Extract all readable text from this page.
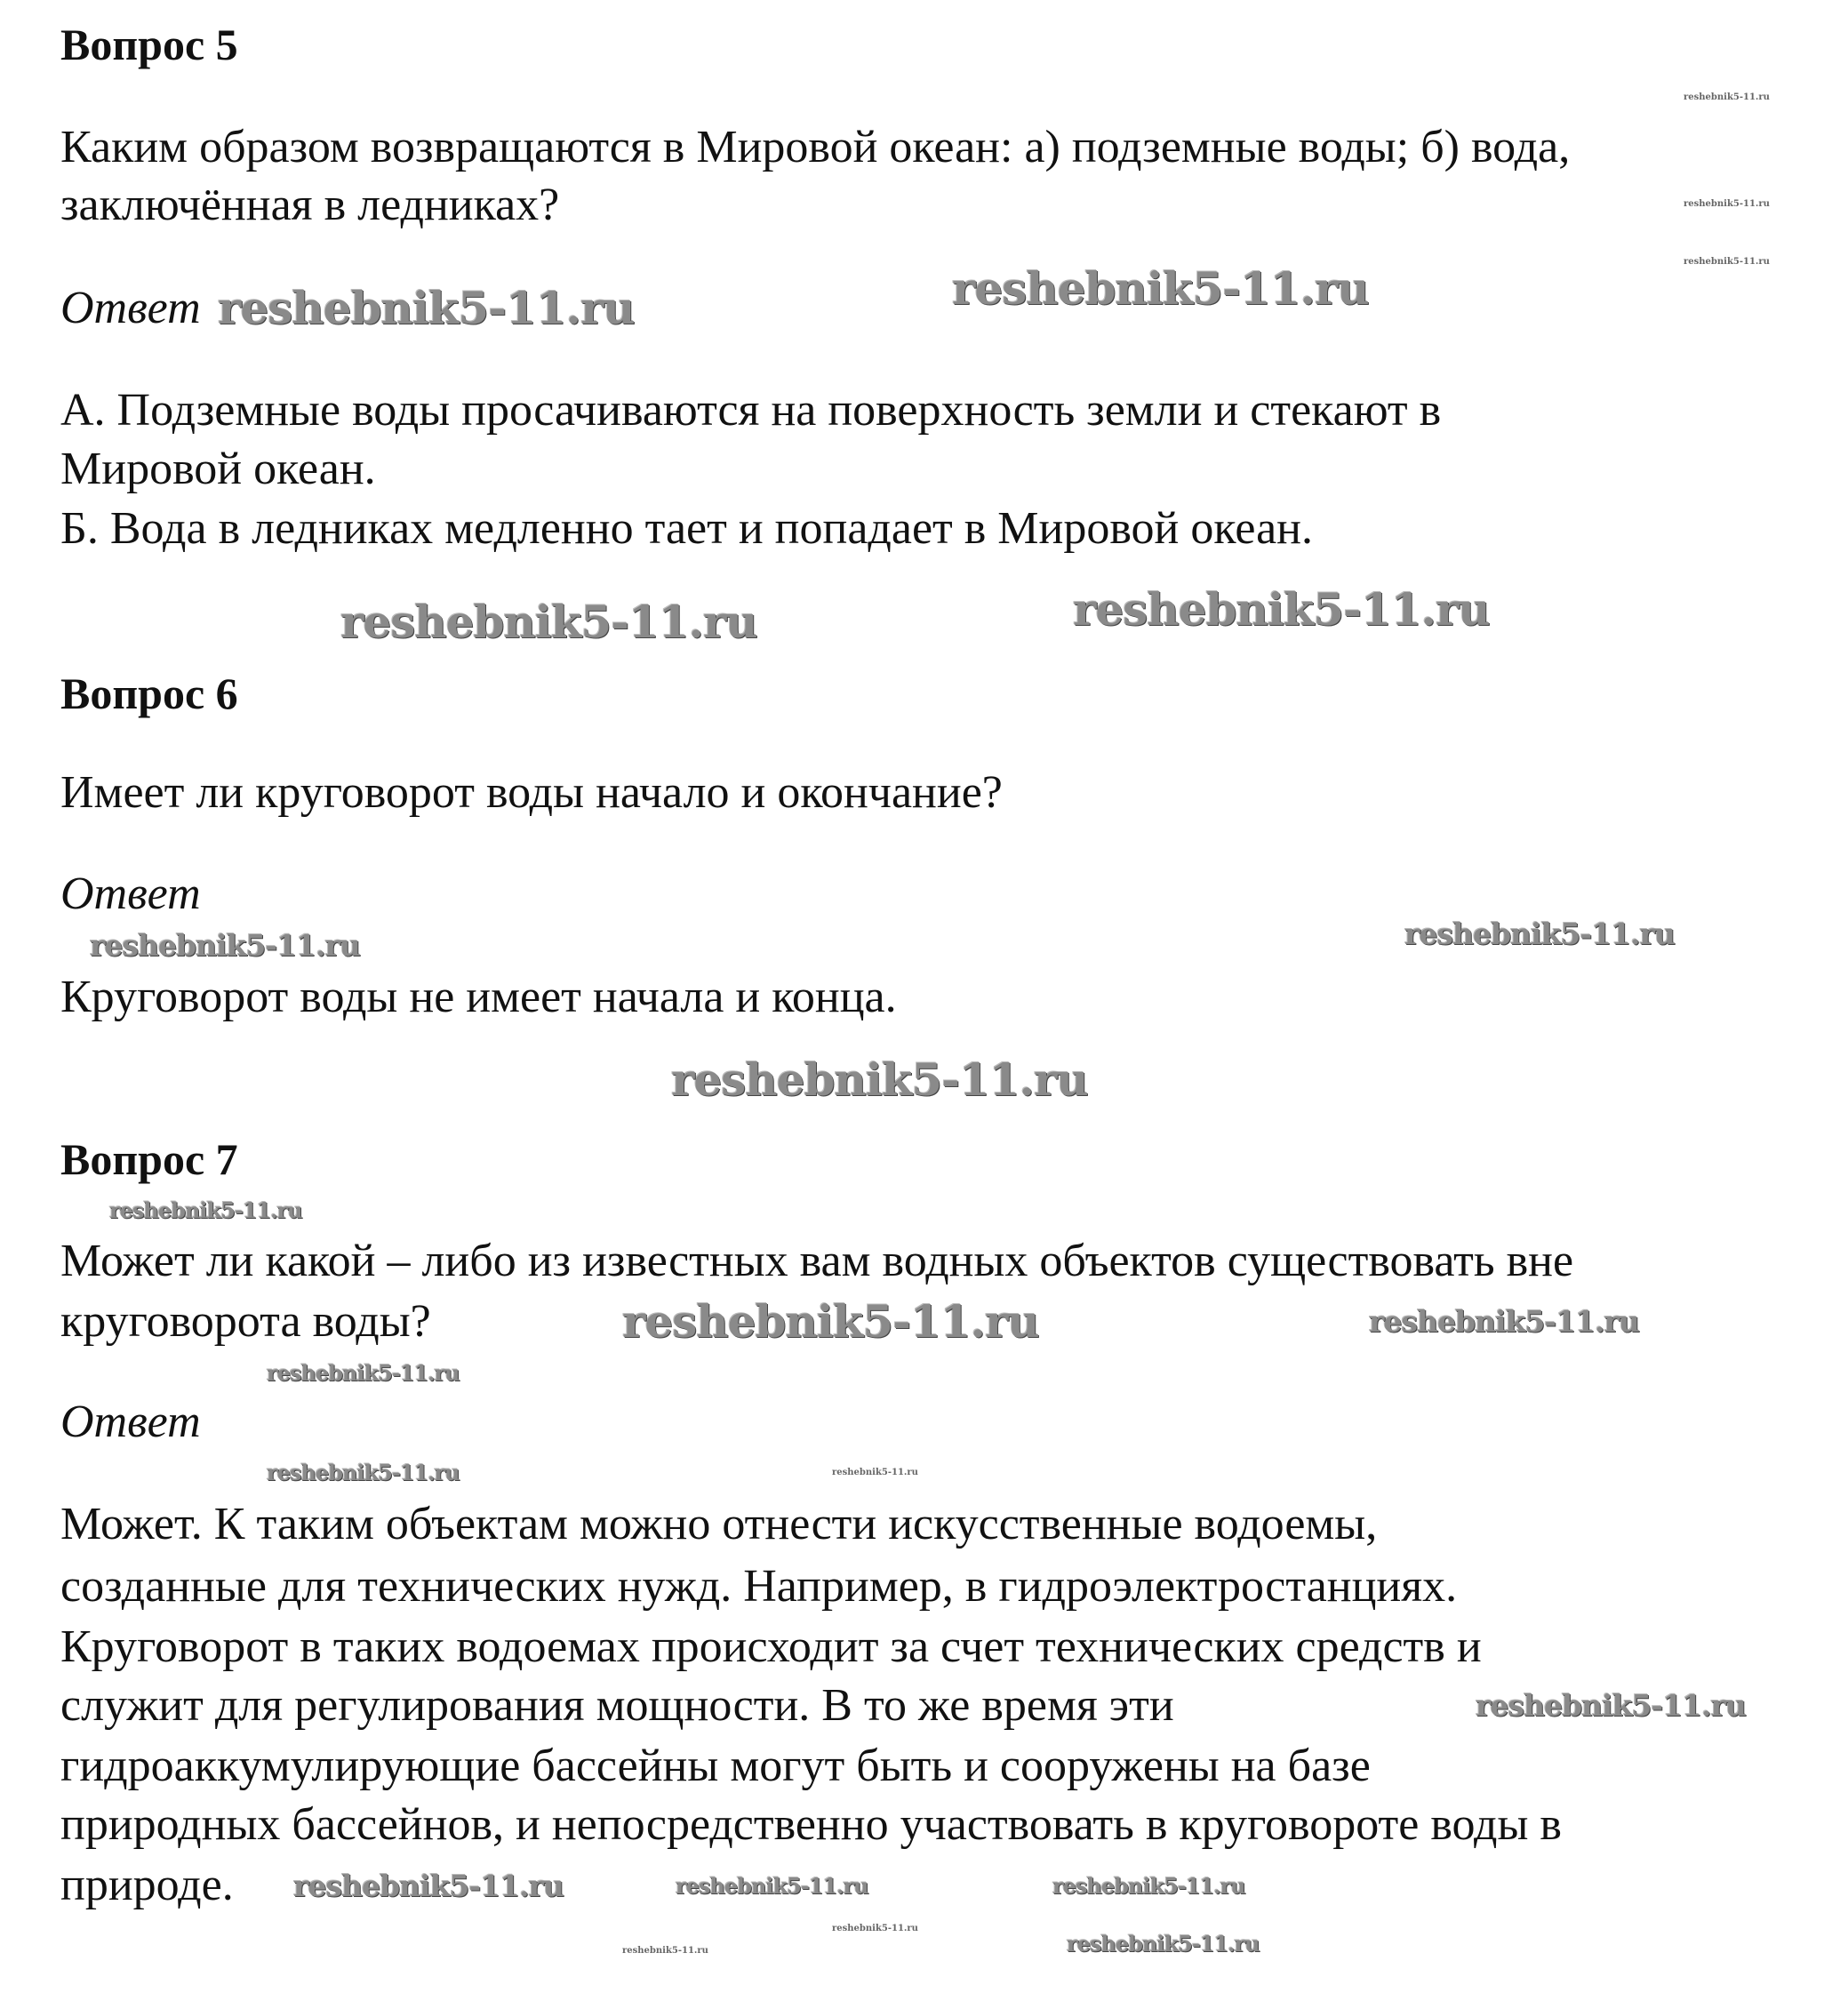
Вопрос 5
Каким образом возвращаются в Мировой океан: а) подземные воды; б) вода,
заключённая в ледниках?
Ответ
А. Подземные воды просачиваются на поверхность земли и стекают в
Мировой океан.
Б. Вода в ледниках медленно тает и попадает в Мировой океан.
Вопрос 6
Имеет ли круговорот воды начало и окончание?
Ответ
Круговорот воды не имеет начала и конца.
Вопрос 7
Может ли какой – либо из известных вам водных объектов существовать вне
круговорота воды?
Ответ
Может. К таким объектам можно отнести искусственные водоемы,
созданные для технических нужд. Например, в гидроэлектростанциях.
Круговорот в таких водоемах происходит за счет технических средств и
служит для регулирования мощности. В то же время эти
гидроаккумулирующие бассейны могут быть и сооружены на базе
природных бассейнов, и непосредственно участвовать в круговороте воды в
природе.
reshebnik5-11.ru	reshebnik5-11.ru
reshebnik5-11.ru	reshebnik5-11.ru
reshebnik5-11.ru
reshebnik5-11.ru
reshebnik5-11.ru	reshebnik5-11.ru
reshebnik5-11.ru
reshebnik5-11.ru
reshebnik5-11.ru
reshebnik5-11.ru
reshebnik5-11.ru
reshebnik5-11.ru
reshebnik5-11.ru
reshebnik5-11.ru
reshebnik5-11.ru
reshebnik5-11.ru
reshebnik5-11.ru
reshebnik5-11.ru
reshebnik5-11.ru
reshebnik5-11.ru
reshebnik5-11.ru
